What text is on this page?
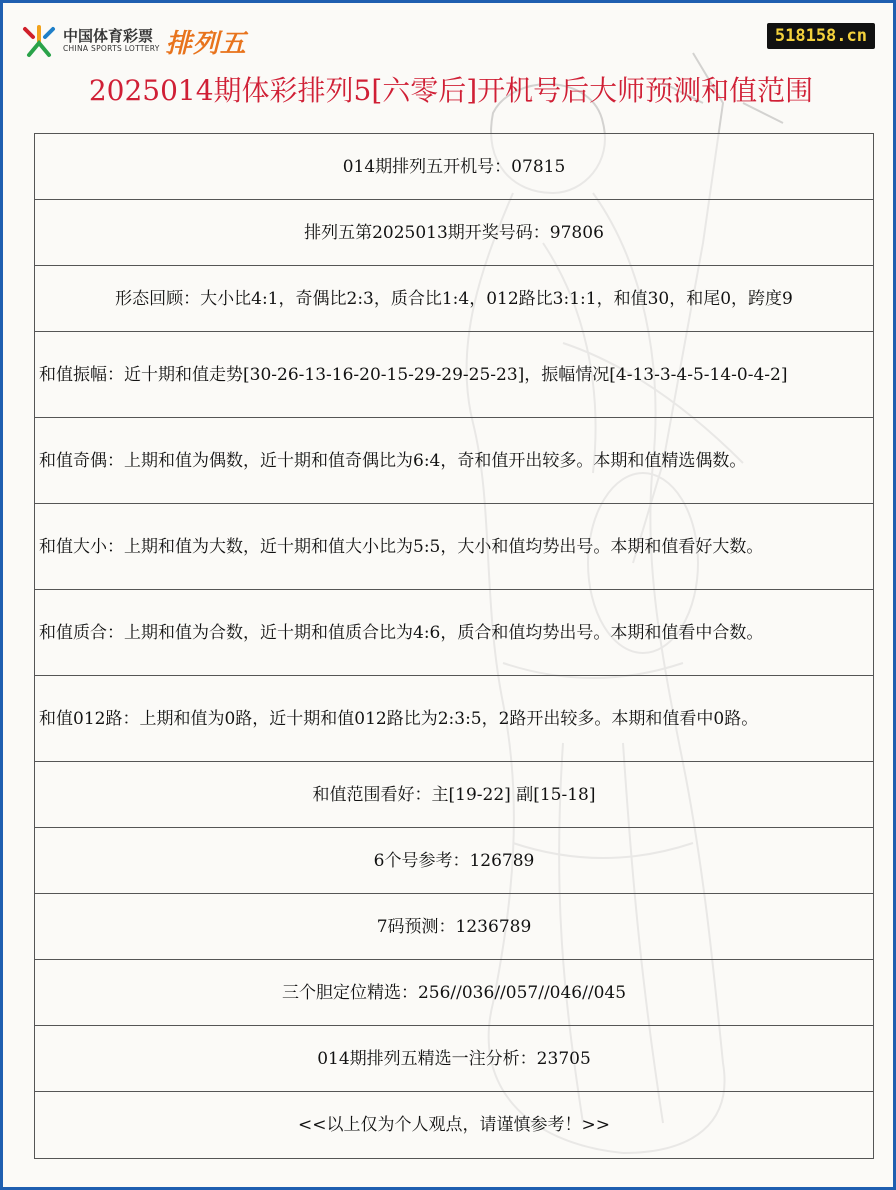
中国体育彩票
CHINA SPORTS LOTTERY 排列五	518158.cn
2025014期体彩排列5[六零后]开机号后大师预测和值范围
014期排列五开机号：07815
排列五第2025013期开奖号码：97806
形态回顾：大小比4:1，奇偶比2:3，质合比1:4，012路比3:1:1，和值30，和尾0，跨度9
和值振幅：近十期和值走势[30-26-13-16-20-15-29-29-25-23]，振幅情况[4-13-3-4-5-14-0-4-2]
和值奇偶：上期和值为偶数，近十期和值奇偶比为6:4，奇和值开出较多。本期和值精选偶数。
和值大小：上期和值为大数，近十期和值大小比为5:5，大小和值均势出号。本期和值看好大数。
和值质合：上期和值为合数，近十期和值质合比为4:6，质合和值均势出号。本期和值看中合数。
和值012路：上期和值为0路，近十期和值012路比为2:3:5，2路开出较多。本期和值看中0路。
和值范围看好：主[19-22] 副[15-18]
6个号参考：126789
7码预测：1236789
三个胆定位精选：256//036//057//046//045
014期排列五精选一注分析：23705
<<以上仅为个人观点，请谨慎参考！>>
